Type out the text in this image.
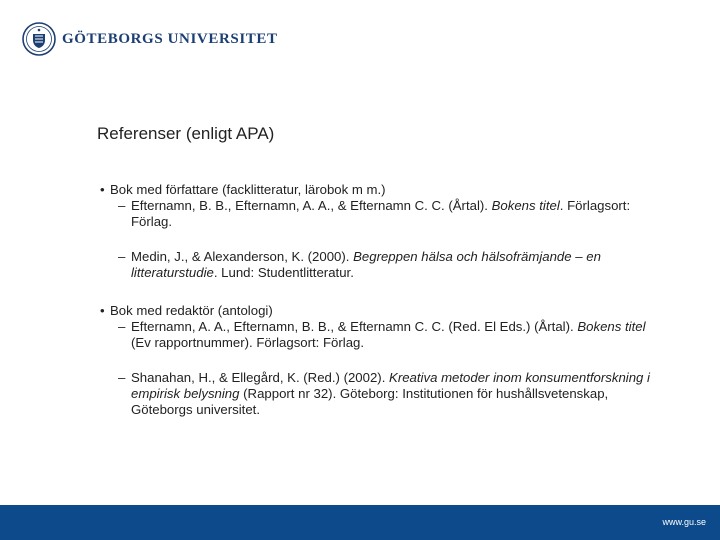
GÖTEBORGS UNIVERSITET
Referenser (enligt APA)
• Bok med författare (facklitteratur, lärobok m m.)
– Efternamn, B. B., Efternamn, A. A., & Efternamn C. C. (Årtal). Bokens titel. Förlagsort: Förlag.
– Medin, J., & Alexanderson, K. (2000). Begreppen hälsa och hälsofrämjande – en litteraturstudie. Lund: Studentlitteratur.
• Bok med redaktör (antologi)
– Efternamn, A. A., Efternamn, B. B., & Efternamn C. C. (Red. El Eds.) (Årtal). Bokens titel (Ev rapportnummer). Förlagsort: Förlag.
– Shanahan, H., & Ellegård, K. (Red.) (2002). Kreativa metoder inom konsumentforskning i empirisk belysning (Rapport nr 32). Göteborg: Institutionen för hushållsvetenskap, Göteborgs universitet.
www.gu.se
